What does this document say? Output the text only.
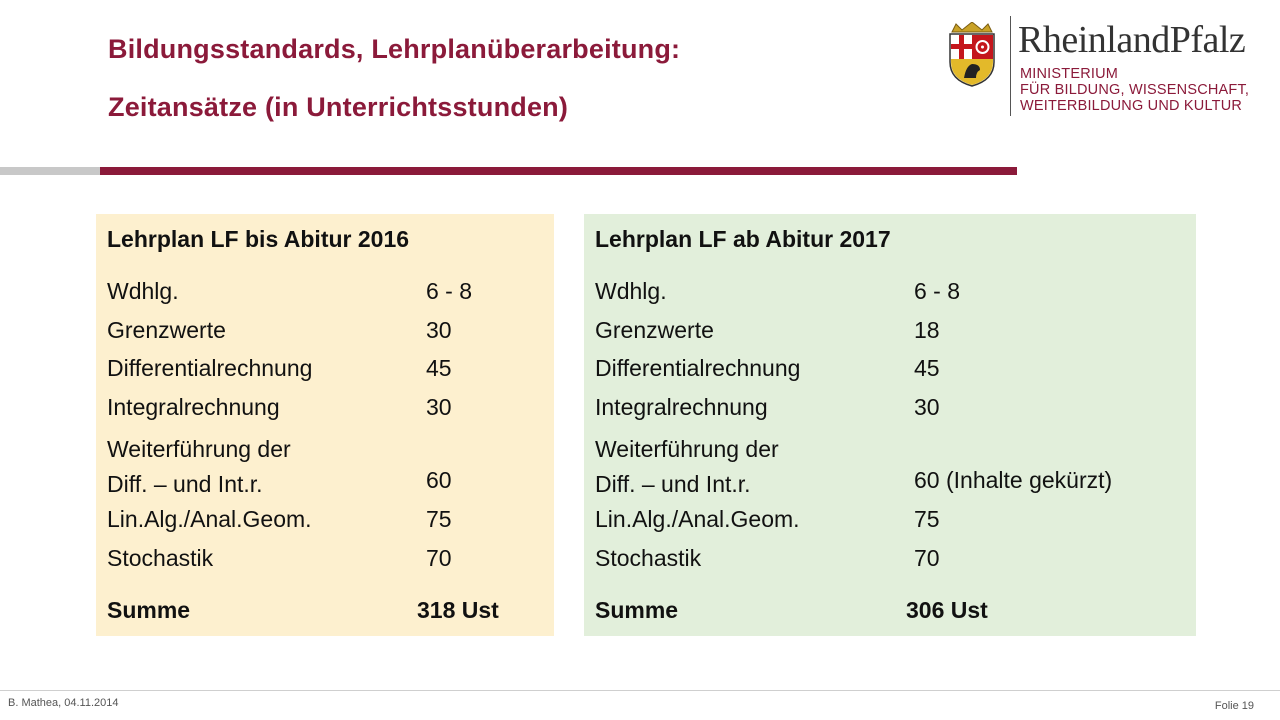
Bildungsstandards, Lehrplanüberarbeitung:
Zeitansätze (in Unterrichtsstunden)
RheinlandPfalz
MINISTERIUM
FÜR BILDUNG, WISSENSCHAFT,
WEITERBILDUNG UND KULTUR
Lehrplan LF bis Abitur 2016
Wdhlg.	6 - 8
Grenzwerte	30
Differentialrechnung	45
Integralrechnung	30
Weiterführung der
Diff. – und Int.r.	60
Lin.Alg./Anal.Geom.	75
Stochastik	70
Summe	318 Ust
Lehrplan LF ab Abitur 2017
Wdhlg.	6 - 8
Grenzwerte	18
Differentialrechnung	45
Integralrechnung	30
Weiterführung der
Diff. – und Int.r.	60 (Inhalte gekürzt)
Lin.Alg./Anal.Geom.	75
Stochastik	70
Summe	306 Ust
B. Mathea, 04.11.2014	Folie 19
